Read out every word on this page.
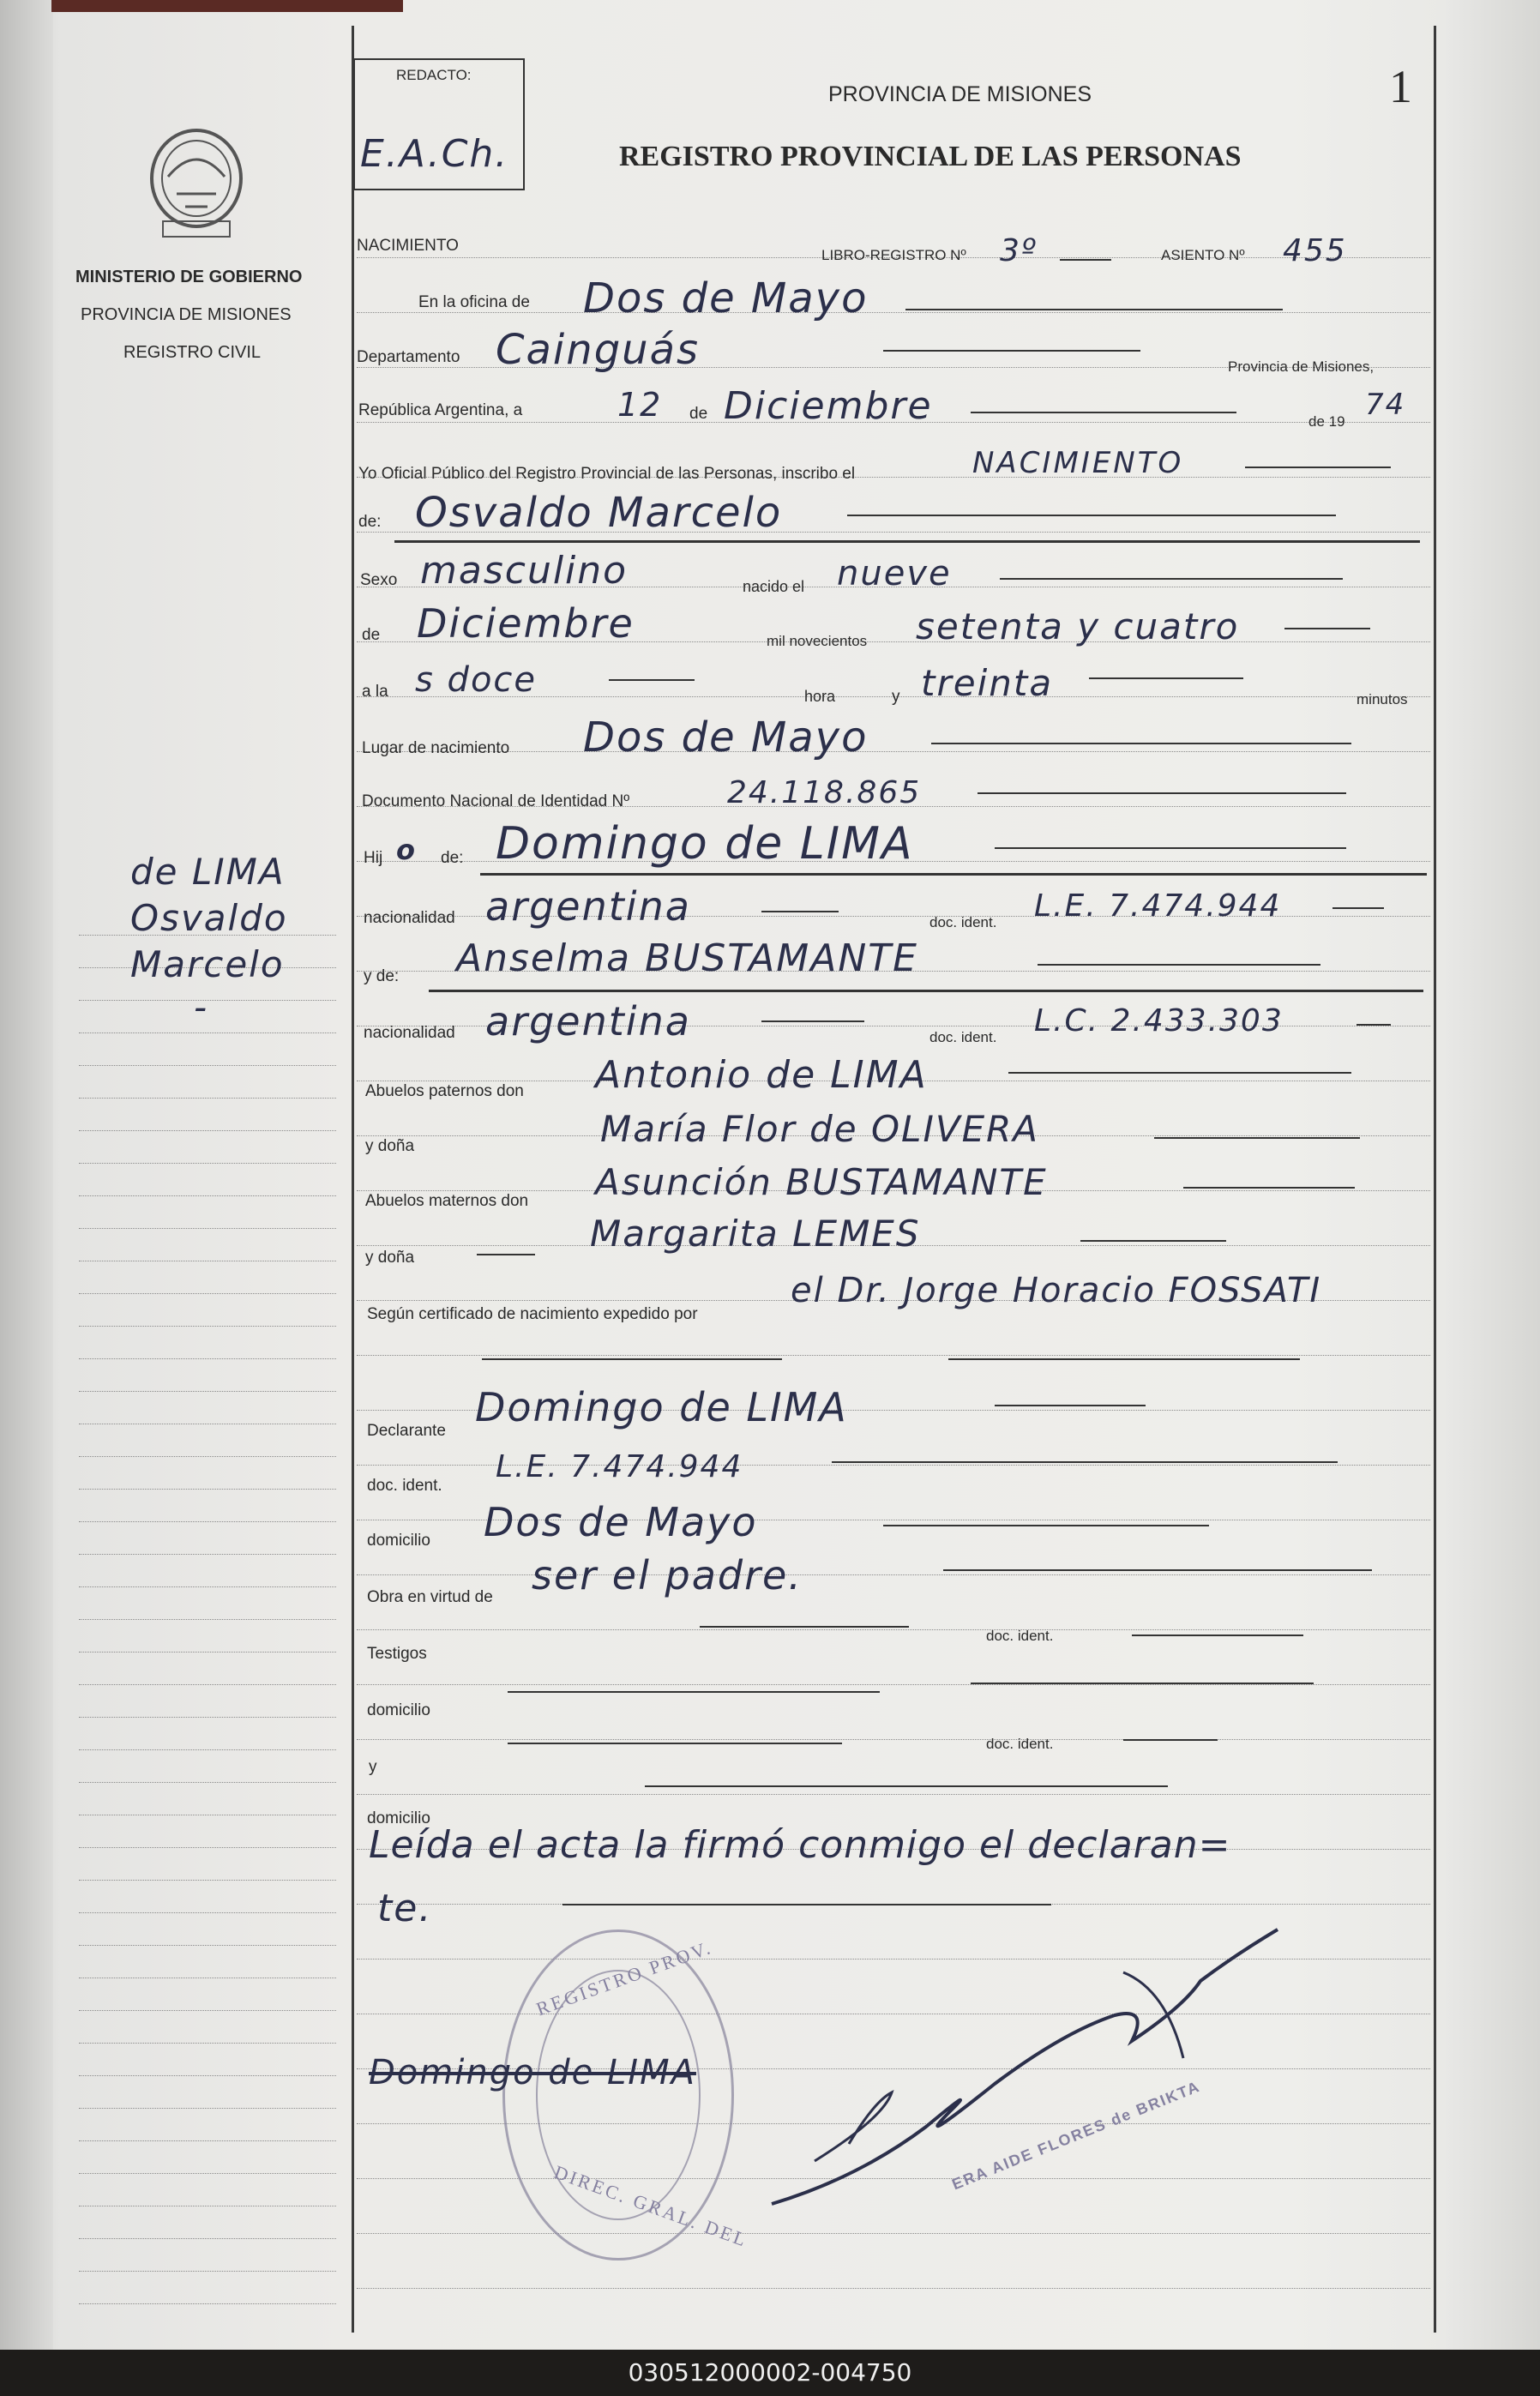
MINISTERIO DE GOBIERNO
PROVINCIA DE MISIONES
REGISTRO CIVIL
de LIMA
Osvaldo
Marcelo
-
REDACTO:
E.A.Ch.
PROVINCIA DE MISIONES
REGISTRO PROVINCIAL DE LAS PERSONAS
1
NACIMIENTO
LIBRO-REGISTRO Nº 3º	ASIENTO Nº 455
En la oficina de Dos de Mayo
Departamento Cainguás	Provincia de Misiones,
República Argentina, a	12 de Diciembre	de 19 74
Yo Oficial Público del Registro Provincial de las Personas, inscribo el	NACIMIENTO
de: Osvaldo Marcelo
Sexo masculino	nacido el nueve
de Diciembre	mil novecientos setenta y cuatro
a la s doce	hora	y treinta	minutos
Lugar de nacimiento Dos de Mayo
Documento Nacional de Identidad Nº	24.118.865
Hij o de: Domingo de LIMA
nacionalidad argentina	doc. ident. L.E. 7.474.944
y de: Anselma BUSTAMANTE
nacionalidad argentina	doc. ident. L.C. 2.433.303
Abuelos paternos don Antonio de LIMA
y doña	María Flor de OLIVERA
Abuelos maternos don Asunción BUSTAMANTE
y doña
Margarita LEMES
Según certificado de nacimiento expedido por
el Dr. Jorge Horacio FOSSATI
Declarante
Domingo de LIMA
doc. ident.
L.E. 7.474.944
domicilio Dos de Mayo
Obra en virtud de ser el padre.
Testigos
doc. ident.
domicilio
doc. ident.
y
domicilio
Leída el acta la firmó conmigo el declaran=
te.
REGISTRO PROV.
DIREC. GRAL. DEL
Domingo de LIMA
ERA AIDE FLORES de BRIKTA
030512000002-004750
